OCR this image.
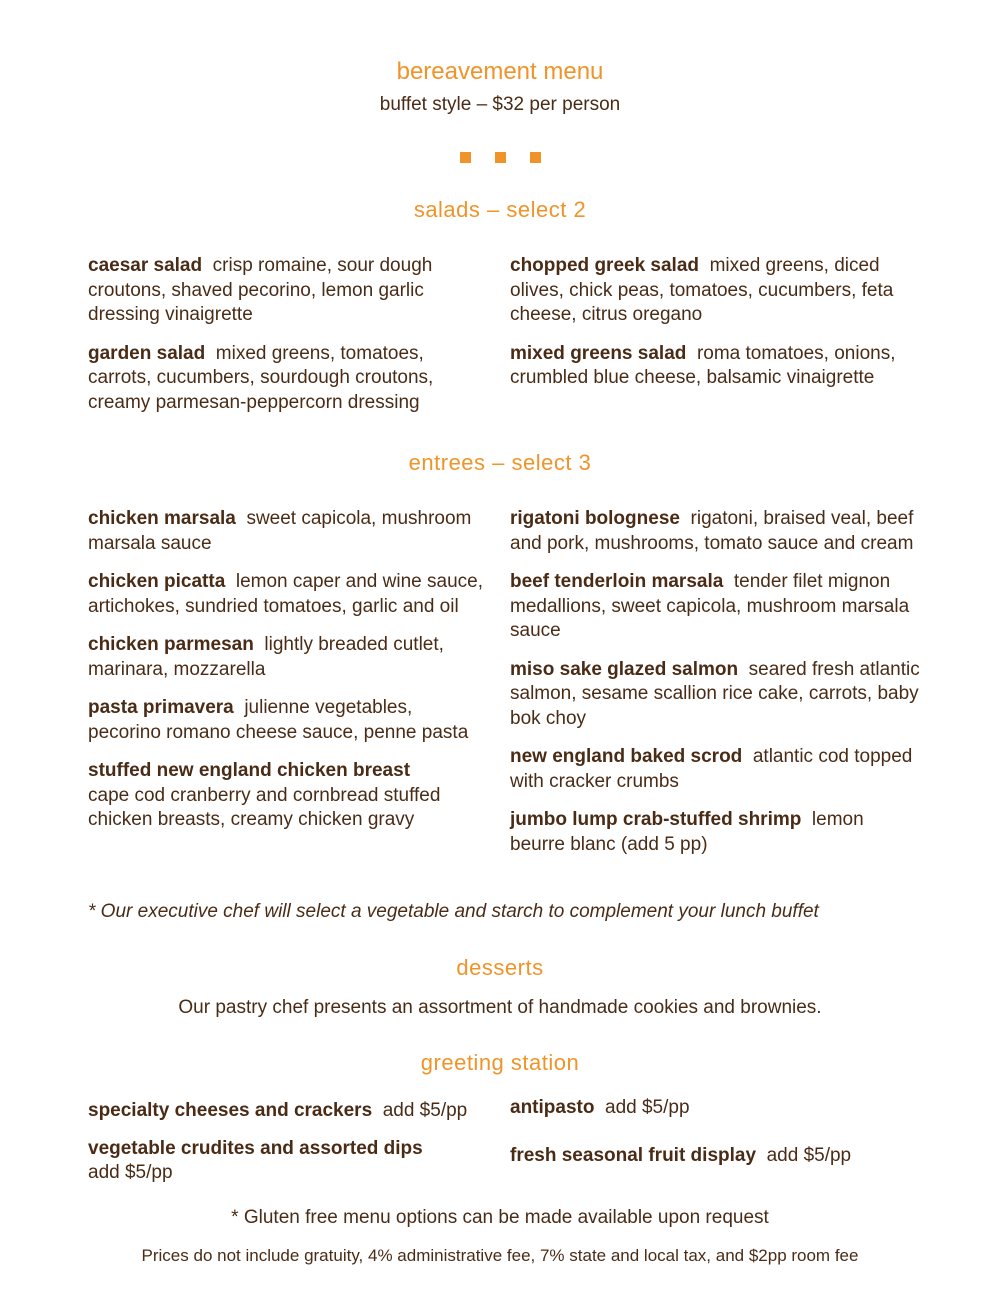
bereavement menu
buffet style – $32 per person
salads – select 2

caesar salad crisp romaine, sour dough croutons, shaved pecorino, lemon garlic dressing vinaigrette

garden salad mixed greens, tomatoes, carrots, cucumbers, sourdough croutons, creamy parmesan-peppercorn dressing

chopped greek salad mixed greens, diced olives, chick peas, tomatoes, cucumbers, feta cheese, citrus oregano

mixed greens salad roma tomatoes, onions, crumbled blue cheese, balsamic vinaigrette

entrees – select 3

chicken marsala sweet capicola, mushroom marsala sauce

chicken picatta lemon caper and wine sauce, artichokes, sundried tomatoes, garlic and oil

chicken parmesan lightly breaded cutlet, marinara, mozzarella

pasta primavera julienne vegetables, pecorino romano cheese sauce, penne pasta

stuffed new england chicken breast
cape cod cranberry and cornbread stuffed chicken breasts, creamy chicken gravy

rigatoni bolognese rigatoni, braised veal, beef and pork, mushrooms, tomato sauce and cream

beef tenderloin marsala tender filet mignon medallions, sweet capicola, mushroom marsala sauce

miso sake glazed salmon seared fresh atlantic salmon, sesame scallion rice cake, carrots, baby bok choy

new england baked scrod atlantic cod topped with cracker crumbs

jumbo lump crab-stuffed shrimp lemon beurre blanc (add 5 pp)

* Our executive chef will select a vegetable and starch to complement your lunch buffet
desserts
Our pastry chef presents an assortment of handmade cookies and brownies.
greeting station

specialty cheeses and crackers add $5/pp

vegetable crudites and assorted dips
add $5/pp

antipasto add $5/pp

fresh seasonal fruit display add $5/pp

* Gluten free menu options can be made available upon request
Prices do not include gratuity, 4% administrative fee, 7% state and local tax, and $2pp room fee
